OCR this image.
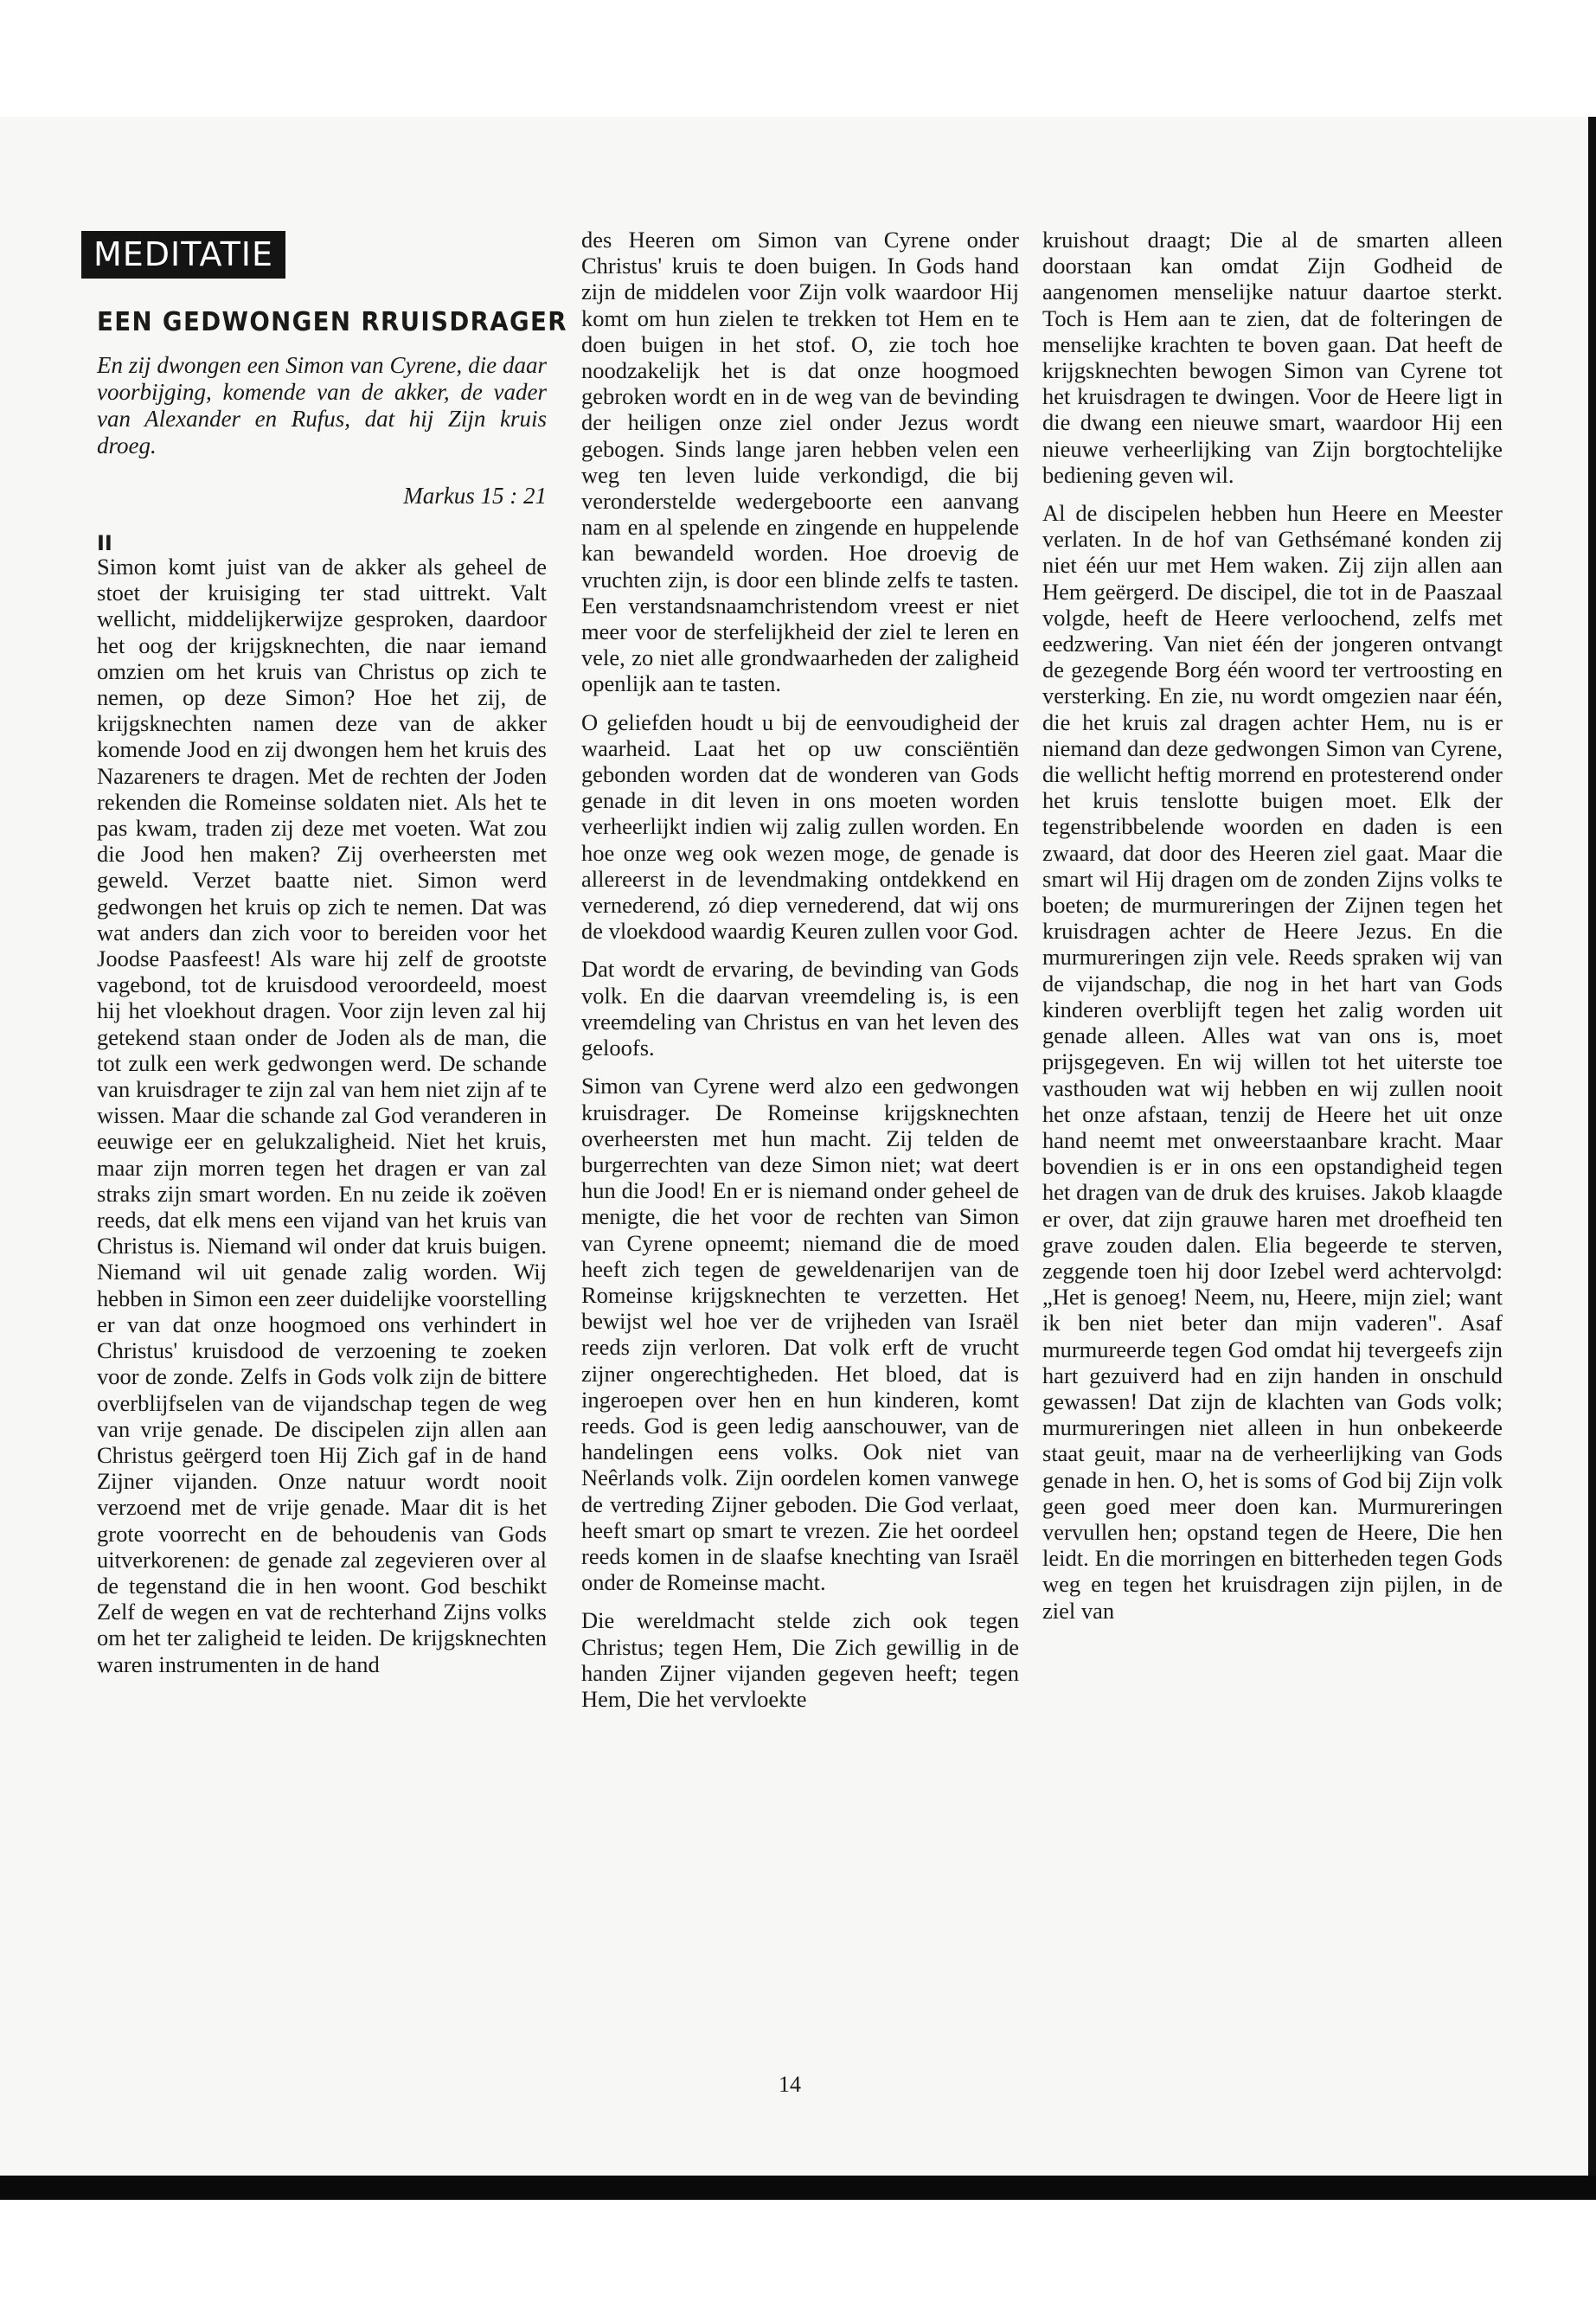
MEDITATIE
EEN GEDWONGEN RRUISDRAGER
En zij dwongen een Simon van Cyrene, die daar voorbijging, komende van de akker, de vader van Alexander en Rufus, dat hij Zijn kruis droeg.
Markus 15 : 21
II

Simon komt juist van de akker als geheel de stoet der kruisiging ter stad uittrekt. Valt wellicht, middelijkerwijze gesproken, daardoor het oog der krijgsknechten, die naar iemand omzien om het kruis van Christus op zich te nemen, op deze Simon? Hoe het zij, de krijgsknechten namen deze van de akker komende Jood en zij dwongen hem het kruis des Nazareners te dragen. Met de rechten der Joden rekenden die Romeinse soldaten niet. Als het te pas kwam, traden zij deze met voeten. Wat zou die Jood hen maken? Zij overheersten met geweld. Verzet baatte niet. Simon werd gedwongen het kruis op zich te nemen. Dat was wat anders dan zich voor to bereiden voor het Joodse Paasfeest! Als ware hij zelf de grootste vagebond, tot de kruisdood veroordeeld, moest hij het vloekhout dragen. Voor zijn leven zal hij getekend staan onder de Joden als de man, die tot zulk een werk gedwongen werd. De schande van kruisdrager te zijn zal van hem niet zijn af te wissen. Maar die schande zal God veranderen in eeuwige eer en gelukzaligheid. Niet het kruis, maar zijn morren tegen het dragen er van zal straks zijn smart worden. En nu zeide ik zoëven reeds, dat elk mens een vijand van het kruis van Christus is. Niemand wil onder dat kruis buigen. Niemand wil uit genade zalig worden. Wij hebben in Simon een zeer duidelijke voorstelling er van dat onze hoogmoed ons verhindert in Christus' kruisdood de verzoening te zoeken voor de zonde. Zelfs in Gods volk zijn de bittere overblijfselen van de vijandschap tegen de weg van vrije genade. De discipelen zijn allen aan Christus geërgerd toen Hij Zich gaf in de hand Zijner vijanden. Onze natuur wordt nooit verzoend met de vrije genade. Maar dit is het grote voorrecht en de behoudenis van Gods uitverkorenen: de genade zal zegevieren over al de tegenstand die in hen woont. God beschikt Zelf de wegen en vat de rechterhand Zijns volks om het ter zaligheid te leiden. De krijgsknechten waren instrumenten in de hand

des Heeren om Simon van Cyrene onder Christus' kruis te doen buigen. In Gods hand zijn de middelen voor Zijn volk waardoor Hij komt om hun zielen te trekken tot Hem en te doen buigen in het stof. O, zie toch hoe noodzakelijk het is dat onze hoogmoed gebroken wordt en in de weg van de bevinding der heiligen onze ziel onder Jezus wordt gebogen. Sinds lange jaren hebben velen een weg ten leven luide verkondigd, die bij veronderstelde wedergeboorte een aanvang nam en al spelende en zingende en huppelende kan bewandeld worden. Hoe droevig de vruchten zijn, is door een blinde zelfs te tasten. Een verstandsnaamchristendom vreest er niet meer voor de sterfelijkheid der ziel te leren en vele, zo niet alle grondwaarheden der zaligheid openlijk aan te tasten.

O geliefden houdt u bij de eenvoudigheid der waarheid. Laat het op uw consciëntiën gebonden worden dat de wonderen van Gods genade in dit leven in ons moeten worden verheerlijkt indien wij zalig zullen worden. En hoe onze weg ook wezen moge, de genade is allereerst in de levendmaking ontdekkend en vernederend, zó diep vernederend, dat wij ons de vloekdood waardig Keuren zullen voor God.

Dat wordt de ervaring, de bevinding van Gods volk. En die daarvan vreemdeling is, is een vreemdeling van Christus en van het leven des geloofs.

Simon van Cyrene werd alzo een gedwongen kruisdrager. De Romeinse krijgsknechten overheersten met hun macht. Zij telden de burgerrechten van deze Simon niet; wat deert hun die Jood! En er is niemand onder geheel de menigte, die het voor de rechten van Simon van Cyrene opneemt; niemand die de moed heeft zich tegen de geweldenarijen van de Romeinse krijgsknechten te verzetten. Het bewijst wel hoe ver de vrijheden van Israël reeds zijn verloren. Dat volk erft de vrucht zijner ongerechtigheden. Het bloed, dat is ingeroepen over hen en hun kinderen, komt reeds. God is geen ledig aanschouwer, van de handelingen eens volks. Ook niet van Neêrlands volk. Zijn oordelen komen vanwege de vertreding Zijner geboden. Die God verlaat, heeft smart op smart te vrezen. Zie het oordeel reeds komen in de slaafse knechting van Israël onder de Romeinse macht.

Die wereldmacht stelde zich ook tegen Christus; tegen Hem, Die Zich gewillig in de handen Zijner vijanden gegeven heeft; tegen Hem, Die het vervloekte

kruishout draagt; Die al de smarten alleen doorstaan kan omdat Zijn Godheid de aangenomen menselijke natuur daartoe sterkt. Toch is Hem aan te zien, dat de folteringen de menselijke krachten te boven gaan. Dat heeft de krijgsknechten bewogen Simon van Cyrene tot het kruisdragen te dwingen. Voor de Heere ligt in die dwang een nieuwe smart, waardoor Hij een nieuwe verheerlijking van Zijn borgtochtelijke bediening geven wil.

Al de discipelen hebben hun Heere en Meester verlaten. In de hof van Gethsémané konden zij niet één uur met Hem waken. Zij zijn allen aan Hem geërgerd. De discipel, die tot in de Paaszaal volgde, heeft de Heere verloochend, zelfs met eedzwering. Van niet één der jongeren ontvangt de gezegende Borg één woord ter vertroosting en versterking. En zie, nu wordt omgezien naar één, die het kruis zal dragen achter Hem, nu is er niemand dan deze gedwongen Simon van Cyrene, die wellicht heftig morrend en protesterend onder het kruis tenslotte buigen moet. Elk der tegenstribbelende woorden en daden is een zwaard, dat door des Heeren ziel gaat. Maar die smart wil Hij dragen om de zonden Zijns volks te boeten; de murmureringen der Zijnen tegen het kruisdragen achter de Heere Jezus. En die murmureringen zijn vele. Reeds spraken wij van de vijandschap, die nog in het hart van Gods kinderen overblijft tegen het zalig worden uit genade alleen. Alles wat van ons is, moet prijsgegeven. En wij willen tot het uiterste toe vasthouden wat wij hebben en wij zullen nooit het onze afstaan, tenzij de Heere het uit onze hand neemt met onweerstaanbare kracht. Maar bovendien is er in ons een opstandigheid tegen het dragen van de druk des kruises. Jakob klaagde er over, dat zijn grauwe haren met droefheid ten grave zouden dalen. Elia begeerde te sterven, zeggende toen hij door Izebel werd achtervolgd: „Het is genoeg! Neem, nu, Heere, mijn ziel; want ik ben niet beter dan mijn vaderen". Asaf murmureerde tegen God omdat hij tevergeefs zijn hart gezuiverd had en zijn handen in onschuld gewassen! Dat zijn de klachten van Gods volk; murmureringen niet alleen in hun onbekeerde staat geuit, maar na de verheerlijking van Gods genade in hen. O, het is soms of God bij Zijn volk geen goed meer doen kan. Murmureringen vervullen hen; opstand tegen de Heere, Die hen leidt. En die morringen en bitterheden tegen Gods weg en tegen het kruisdragen zijn pijlen, in de ziel van

14
